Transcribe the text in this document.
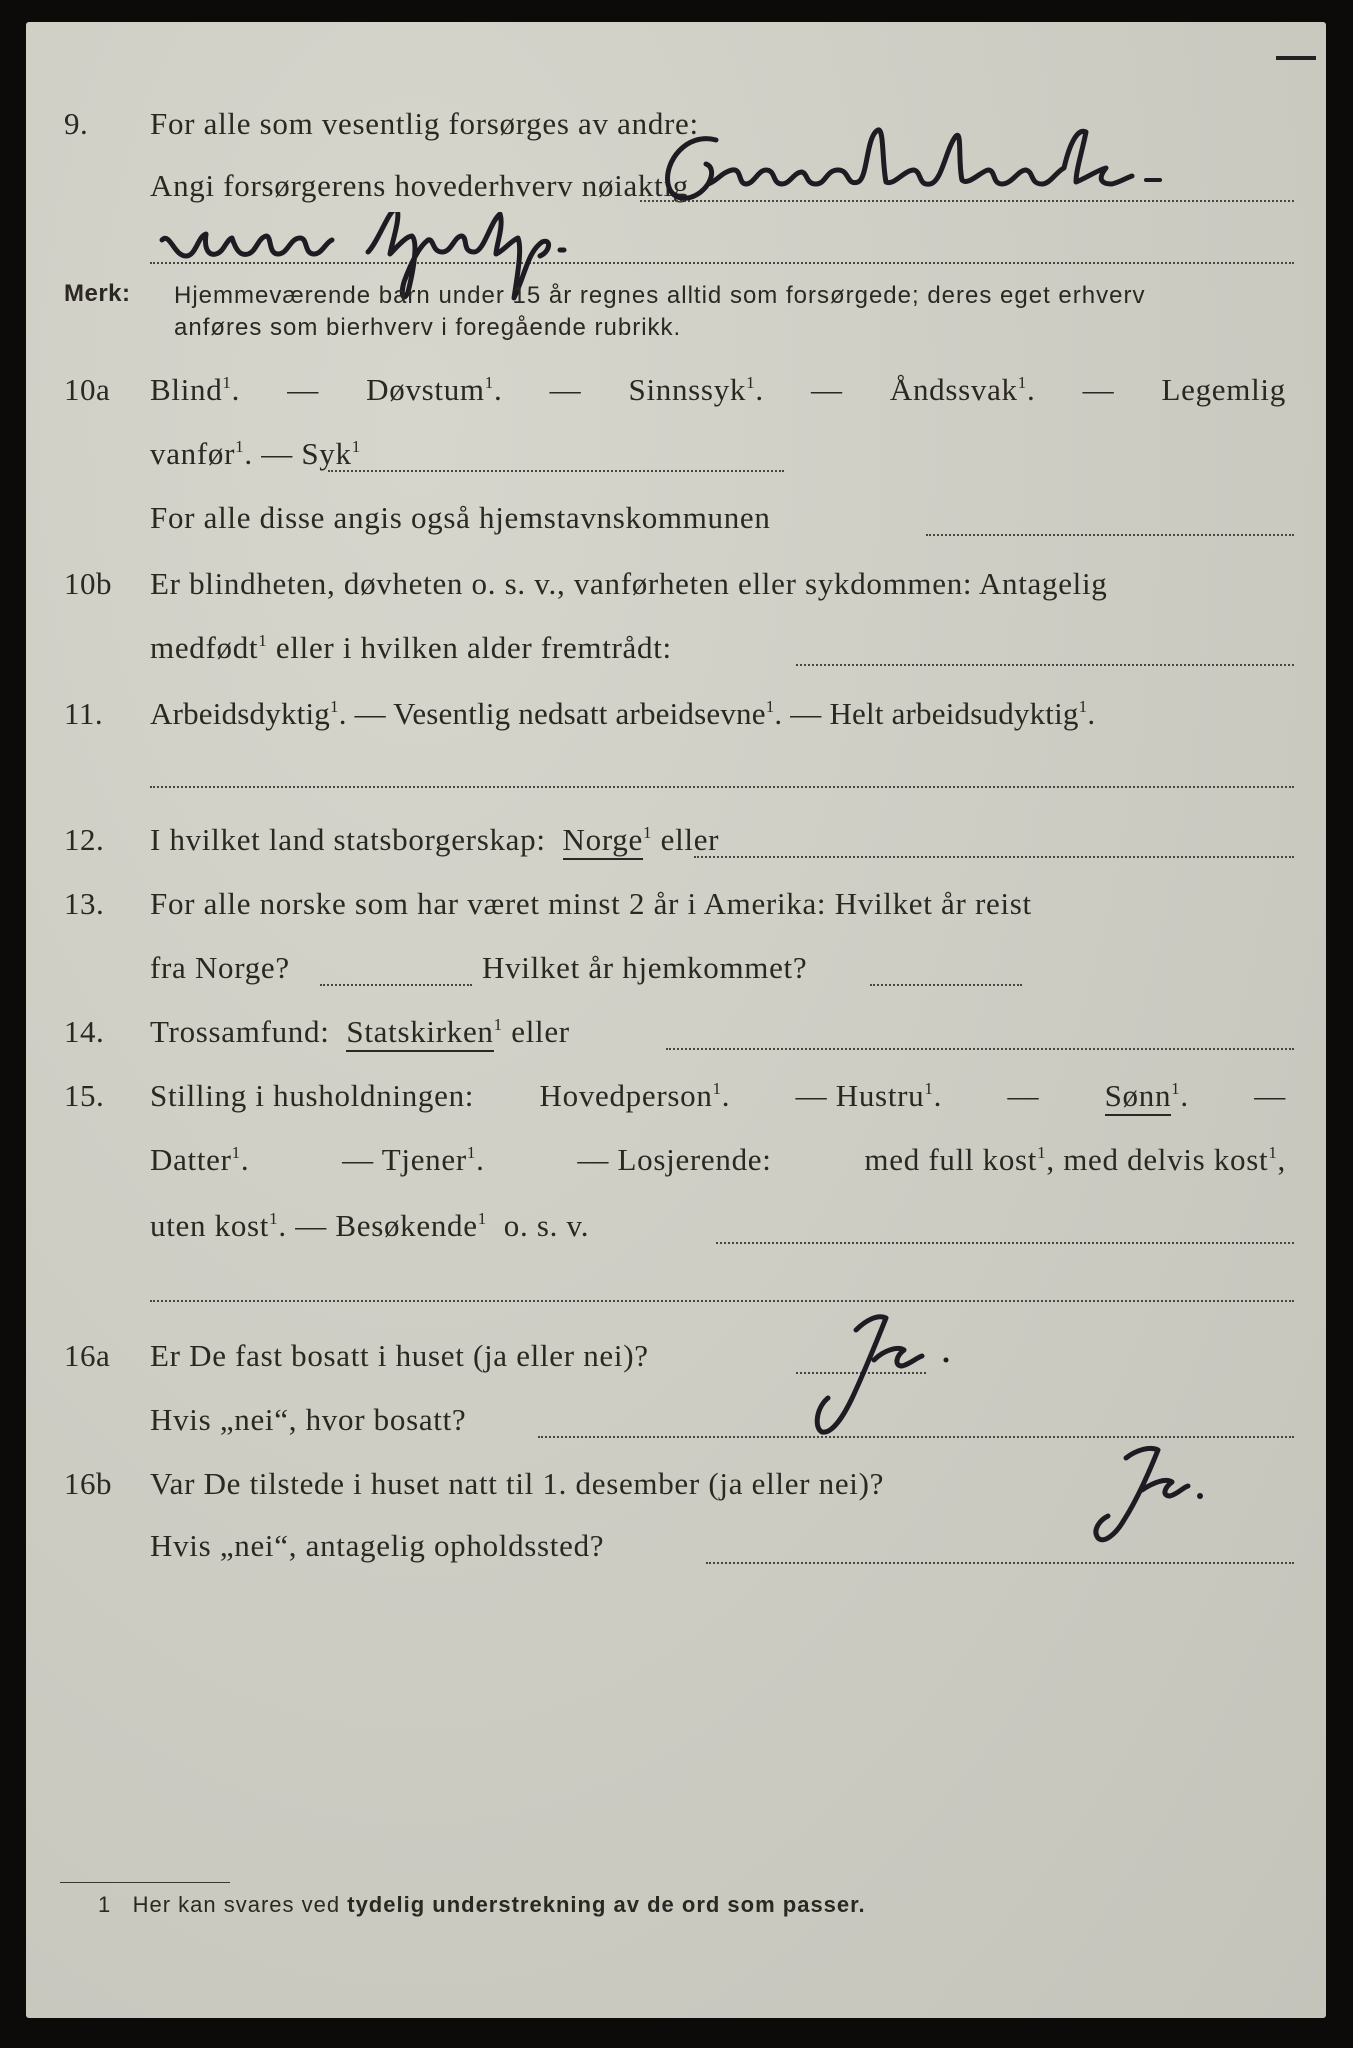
9.	For alle som vesentlig forsørges av andre:
Angi forsørgerens hovederhverv nøiaktig
Merk: Hjemmeværende barn under 15 år regnes alltid som forsørgede; deres eget erhverv
anføres som bierhverv i foregående rubrikk.
10a	Blind$^1$. — Døvstum$^1$. — Sinnssyk$^1$. — Åndssvak$^1$. — Legemlig
vanfør$^1$. — Syk$^1$
For alle disse angis også hjemstavnskommunen
10b	Er blindheten, døvheten o. s. v., vanførheten eller sykdommen: Antagelig
medfødt$^1$ eller i hvilken alder fremtrådt:
11.	Arbeidsdyktig$^1$. — Vesentlig nedsatt arbeidsevne$^1$. — Helt arbeidsudyktig$^1$.
12.	I hvilket land statsborgerskap: Norge$^1$ eller
13.	For alle norske som har været minst 2 år i Amerika: Hvilket år reist
fra Norge?	Hvilket år hjemkommet?
14.	Trossamfund: Statskirken$^1$ eller
15.	Stilling i husholdningen: Hovedperson$^1$. — Hustru$^1$. — Sønn$^1$. —
Datter$^1$.	— Tjener$^1$.	— Losjerende:	med full kost$^1$, med delvis kost$^1$,
uten kost$^1$. — Besøkende$^1$ o. s. v.
16a	Er De fast bosatt i huset (ja eller nei)?
Hvis „nei“, hvor bosatt?
16b	Var De tilstede i huset natt til 1. desember (ja eller nei)?
Hvis „nei“, antagelig opholdssted?
1 Her kan svares ved tydelig understrekning av de ord som passer.
